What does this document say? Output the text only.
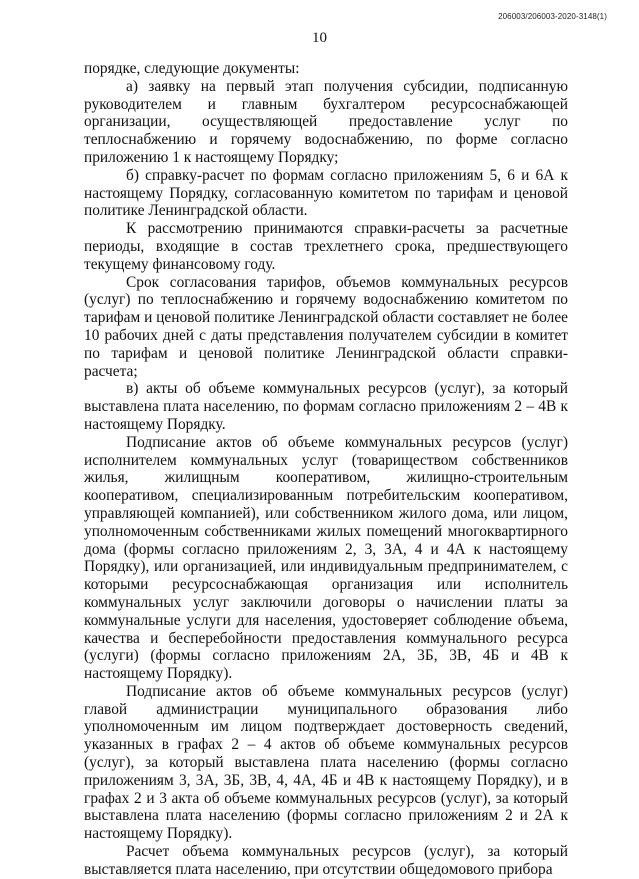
206003/206003-2020-3148(1)
10

порядке, следующие документы:

а) заявку на первый этап получения субсидии, подписанную руководителем и главным бухгалтером ресурсоснабжающей организации, осуществляющей предоставление услуг по теплоснабжению и горячему водоснабжению, по форме согласно приложению 1 к настоящему Порядку;

б) справку-расчет по формам согласно приложениям 5, 6 и 6А к настоящему Порядку, согласованную комитетом по тарифам и ценовой политике Ленинградской области.

К рассмотрению принимаются справки-расчеты за расчетные периоды, входящие в состав трехлетнего срока, предшествующего текущему финансовому году.

Срок согласования тарифов, объемов коммунальных ресурсов (услуг) по теплоснабжению и горячему водоснабжению комитетом по тарифам и ценовой политике Ленинградской области составляет не более 10 рабочих дней с даты представления получателем субсидии в комитет по тарифам и ценовой политике Ленинградской области справки-расчета;

в) акты об объеме коммунальных ресурсов (услуг), за который выставлена плата населению, по формам согласно приложениям 2 – 4В к настоящему Порядку.

Подписание актов об объеме коммунальных ресурсов (услуг) исполнителем коммунальных услуг (товариществом собственников жилья, жилищным кооперативом, жилищно-строительным кооперативом, специализированным потребительским кооперативом, управляющей компанией), или собственником жилого дома, или лицом, уполномоченным собственниками жилых помещений многоквартирного дома (формы согласно приложениям 2, 3, 3А, 4 и 4А к настоящему Порядку), или организацией, или индивидуальным предпринимателем, с которыми ресурсоснабжающая организация или исполнитель коммунальных услуг заключили договоры о начислении платы за коммунальные услуги для населения, удостоверяет соблюдение объема, качества и бесперебойности предоставления коммунального ресурса (услуги) (формы согласно приложениям 2А, 3Б, 3В, 4Б и 4В к настоящему Порядку).

Подписание актов об объеме коммунальных ресурсов (услуг) главой администрации муниципального образования либо уполномоченным им лицом подтверждает достоверность сведений, указанных в графах 2 – 4 актов об объеме коммунальных ресурсов (услуг), за который выставлена плата населению (формы согласно приложениям 3, 3А, 3Б, 3В, 4, 4А, 4Б и 4В к настоящему Порядку), и в графах 2 и 3 акта об объеме коммунальных ресурсов (услуг), за который выставлена плата населению (формы согласно приложениям 2 и 2А к настоящему Порядку).

Расчет объема коммунальных ресурсов (услуг), за который выставляется плата населению, при отсутствии общедомового прибора
